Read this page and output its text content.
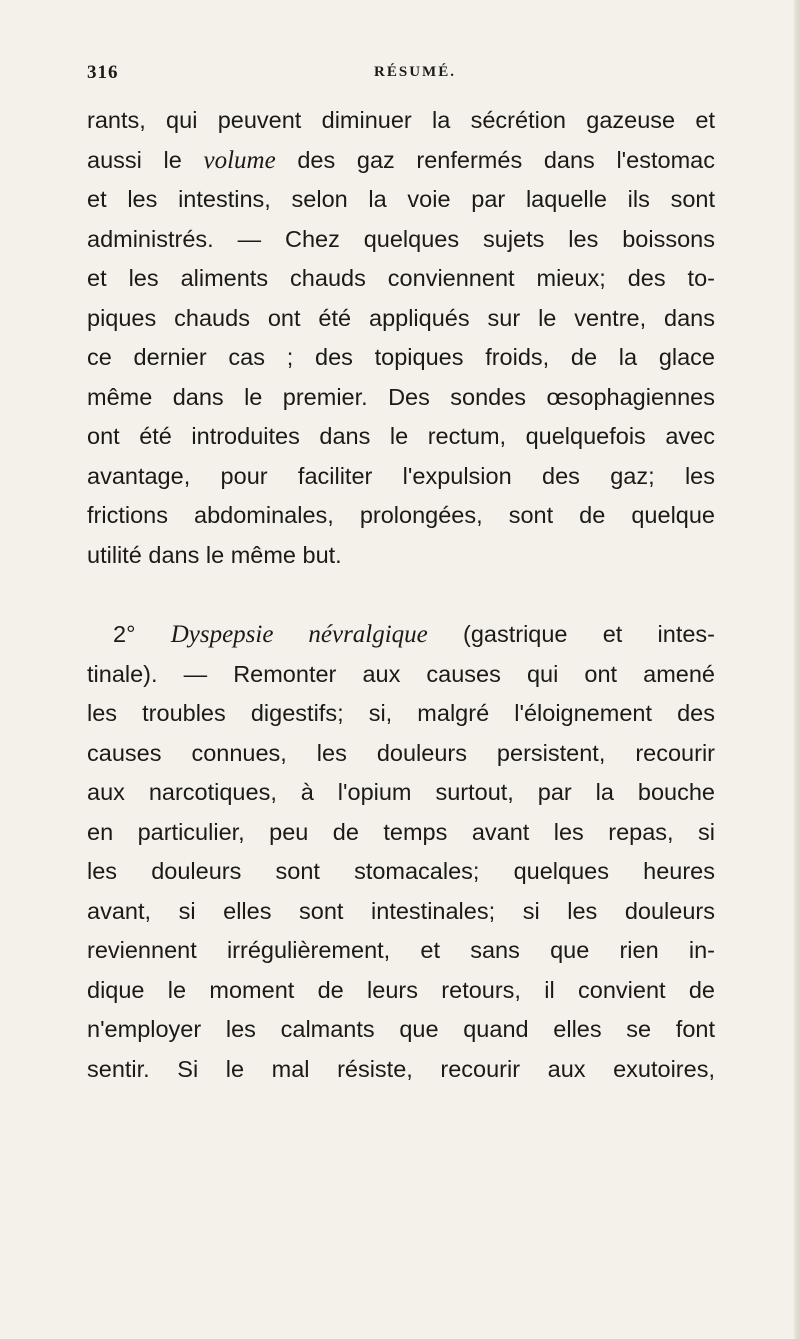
316	RÉSUMÉ.
rants, qui peuvent diminuer la sécrétion gazeuse et
aussi le volume des gaz renfermés dans l'estomac
et les intestins, selon la voie par laquelle ils sont
administrés. — Chez quelques sujets les boissons
et les aliments chauds conviennent mieux; des to-
piques chauds ont été appliqués sur le ventre, dans
ce dernier cas ; des topiques froids, de la glace
même dans le premier. Des sondes œsophagiennes
ont été introduites dans le rectum, quelquefois avec
avantage, pour faciliter l'expulsion des gaz; les
frictions abdominales, prolongées, sont de quelque
utilité dans le même but.
2° Dyspepsie névralgique (gastrique et intes-
tinale). — Remonter aux causes qui ont amené
les troubles digestifs; si, malgré l'éloignement des
causes connues, les douleurs persistent, recourir
aux narcotiques, à l'opium surtout, par la bouche
en particulier, peu de temps avant les repas, si
les douleurs sont stomacales; quelques heures
avant, si elles sont intestinales; si les douleurs
reviennent irrégulièrement, et sans que rien in-
dique le moment de leurs retours, il convient de
n'employer les calmants que quand elles se font
sentir. Si le mal résiste, recourir aux exutoires,
